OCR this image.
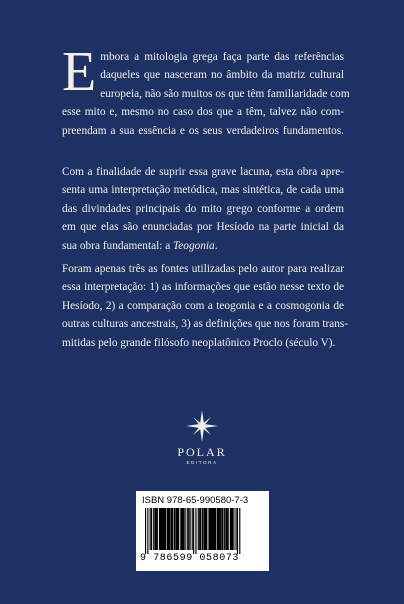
E mbora a mitologia grega faça parte das referências
daqueles que nasceram no âmbito da matriz cultural
europeia, não são muitos os que têm familiaridade com
esse mito e, mesmo no caso dos que a têm, talvez não com-
preendam a sua essência e os seus verdadeiros fundamentos.
Com a finalidade de suprir essa grave lacuna, esta obra apre-
senta uma interpretação metódica, mas sintética, de cada uma
das divindades principais do mito grego conforme a ordem
em que elas são enunciadas por Hesíodo na parte inicial da
sua obra fundamental: a Teogonia.
Foram apenas três as fontes utilizadas pelo autor para realizar
essa interpretação: 1) as informações que estão nesse texto de
Hesíodo, 2) a comparação com a teogonia e a cosmogonia de
outras culturas ancestrais, 3) as definições que nos foram trans-
mitidas pelo grande filósofo neoplatônico Proclo (século V).
POLAR
EDITORA
ISBN 978-65-990580-7-3
9 786599 058073
